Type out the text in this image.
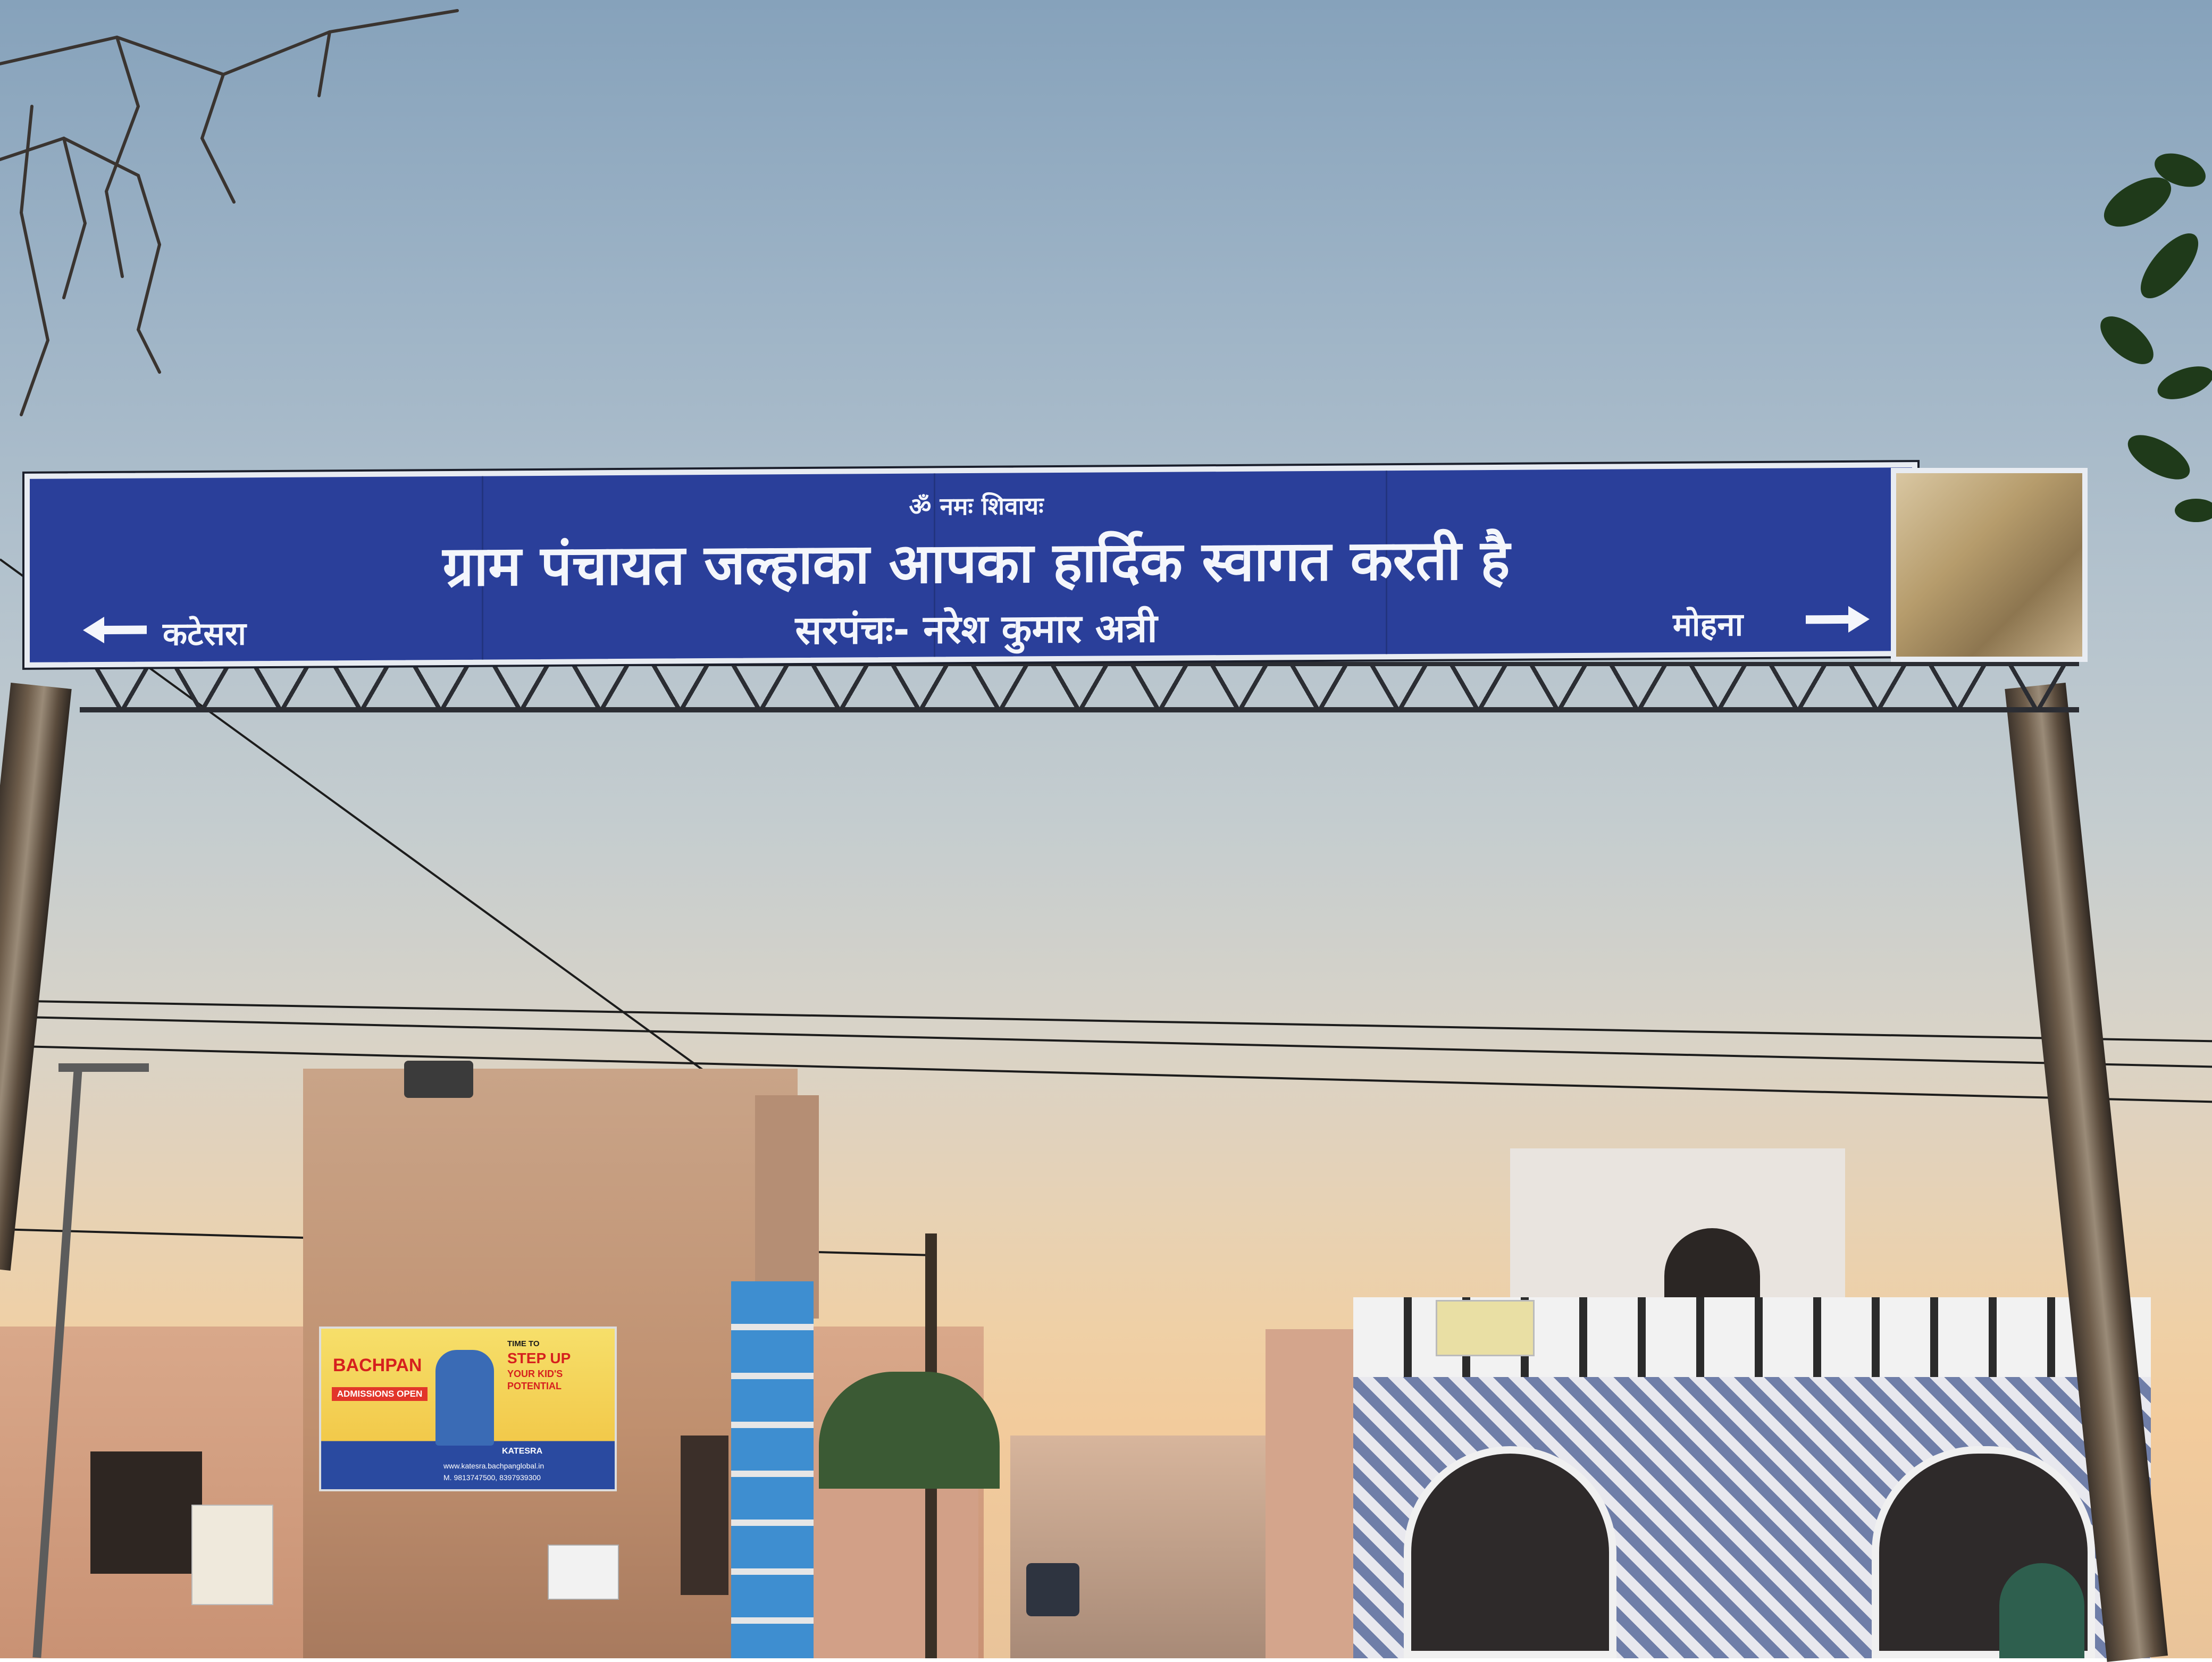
BACHPAN
ADMISSIONS OPEN
TIME TO
STEP UP
YOUR KID'S
POTENTIAL
KATESRA
www.katesra.bachpanglobal.in
M. 9813747500, 8397939300
ॐ नमः शिवायः
ग्राम पंचायत जल्हाका आपका हार्दिक स्वागत करती है
सरपंचः- नरेश कुमार अत्री
कटेसरा	मोहना
